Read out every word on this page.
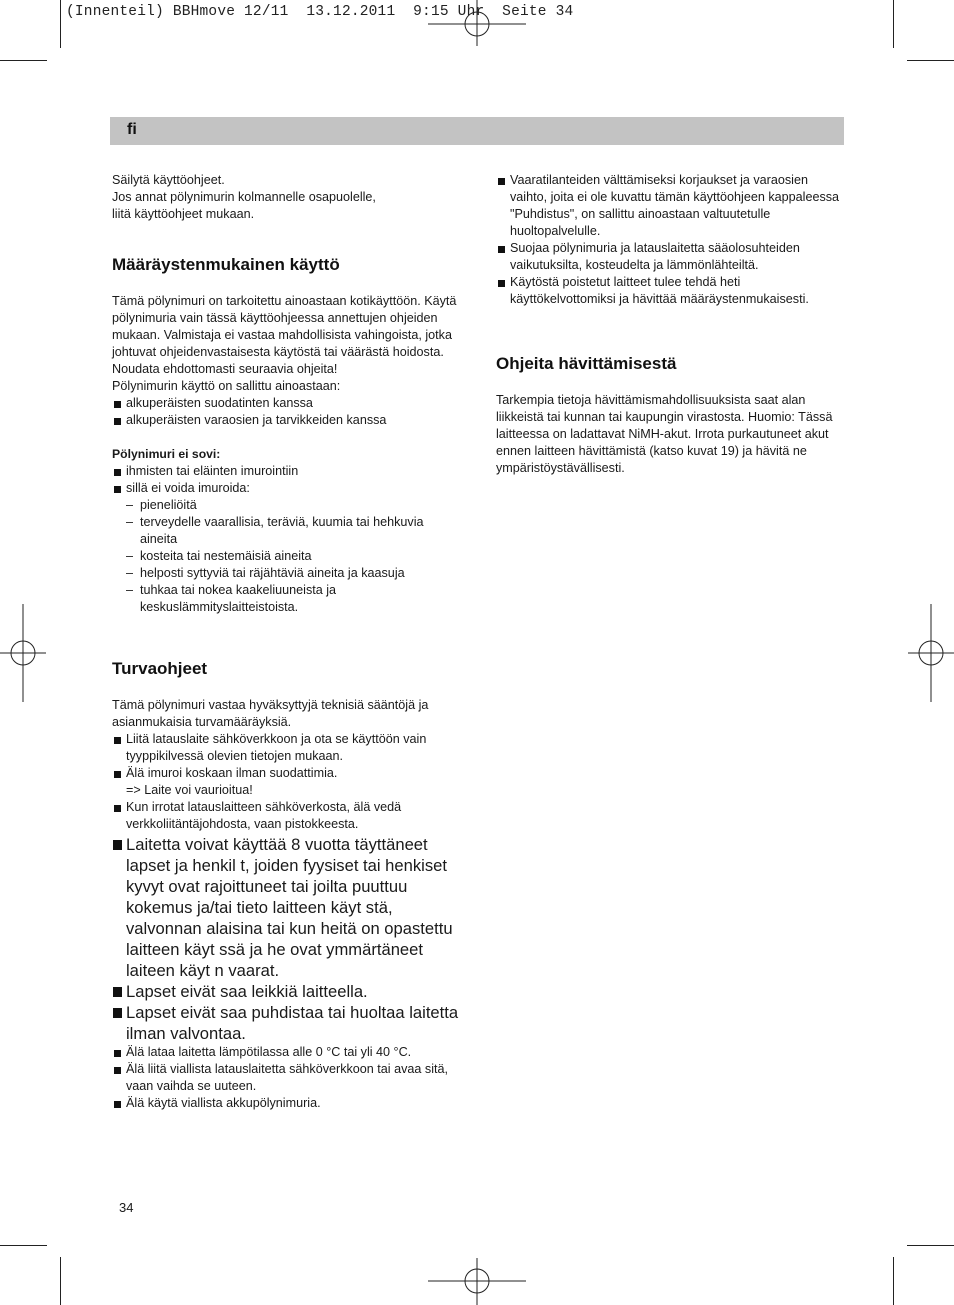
(Innenteil) BBHmove 12/11  13.12.2011  9:15 Uhr  Seite 34
fi

Säilytä käyttöohjeet.

Jos annat pölynimurin kolmannelle osapuolelle,

liitä käyttöohjeet mukaan.

Määräystenmukainen käyttö

Tämä pölynimuri on tarkoitettu ainoastaan kotikäyttöön. Käytä pölynimuria vain tässä käyttöohjeessa annettujen ohjeiden mukaan. Valmistaja ei vastaa mahdollisista vahingoista, jotka johtuvat ohjeidenvastaisesta käytöstä tai väärästä hoidosta. Noudata ehdottomasti seuraavia ohjeita!

Pölynimurin käyttö on sallittu ainoastaan:

alkuperäisten suodatinten kanssa
alkuperäisten varaosien ja tarvikkeiden kanssa
Pölynimuri ei sovi:
ihmisten tai eläinten imurointiin
sillä ei voida imuroida:
– pieneliöitä
– terveydelle vaarallisia, teräviä, kuumia tai hehkuvia aineita
– kosteita tai nestemäisiä aineita
– helposti syttyviä tai räjähtäviä aineita ja kaasuja
– tuhkaa tai nokea kaakeliuuneista ja keskuslämmityslaitteistoista.
Turvaohjeet

Tämä pölynimuri vastaa hyväksyttyjä teknisiä sääntöjä ja asianmukaisia turvamääräyksiä.

Liitä latauslaite sähköverkkoon ja ota se käyttöön vain tyyppikilvessä olevien tietojen mukaan.
Älä imuroi koskaan ilman suodattimia.
=> Laite voi vaurioitua!
Kun irrotat latauslaitteen sähköverkosta, älä vedä verkkoliitäntäjohdosta, vaan pistokkeesta.
Laitetta voivat käyttää 8 vuotta täyttäneet lapset ja henkil t, joiden fyysiset tai henkiset kyvyt ovat rajoittuneet tai joilta puuttuu kokemus ja/tai tieto laitteen käyt stä, valvonnan alaisina tai kun heitä on opastettu laitteen käyt ssä ja he ovat ymmärtäneet laiteen käyt n vaarat.
Lapset eivät saa leikkiä laitteella.
Lapset eivät saa puhdistaa tai huoltaa laitetta ilman valvontaa.
Älä lataa laitetta lämpötilassa alle 0 °C tai yli 40 °C.
Älä liitä viallista latauslaitetta sähköverkkoon tai avaa sitä, vaan vaihda se uuteen.
Älä käytä viallista akkupölynimuria.
Vaaratilanteiden välttämiseksi korjaukset ja varaosien vaihto, joita ei ole kuvattu tämän käyttöohjeen kappaleessa "Puhdistus", on sallittu ainoastaan valtuutetulle huoltopalvelulle.
Suojaa pölynimuria ja latauslaitetta sääolosuhteiden vaikutuksilta, kosteudelta ja lämmönlähteiltä.
Käytöstä poistetut laitteet tulee tehdä heti käyttökelvottomiksi ja hävittää määräystenmukaisesti.
Ohjeita hävittämisestä

Tarkempia tietoja hävittämismahdollisuuksista saat alan liikkeistä tai kunnan tai kaupungin virastosta. Huomio: Tässä laitteessa on ladattavat NiMH-akut. Irrota purkautuneet akut ennen laitteen hävittämistä (katso kuvat 19) ja hävitä ne ympäristöystävällisesti.

34
